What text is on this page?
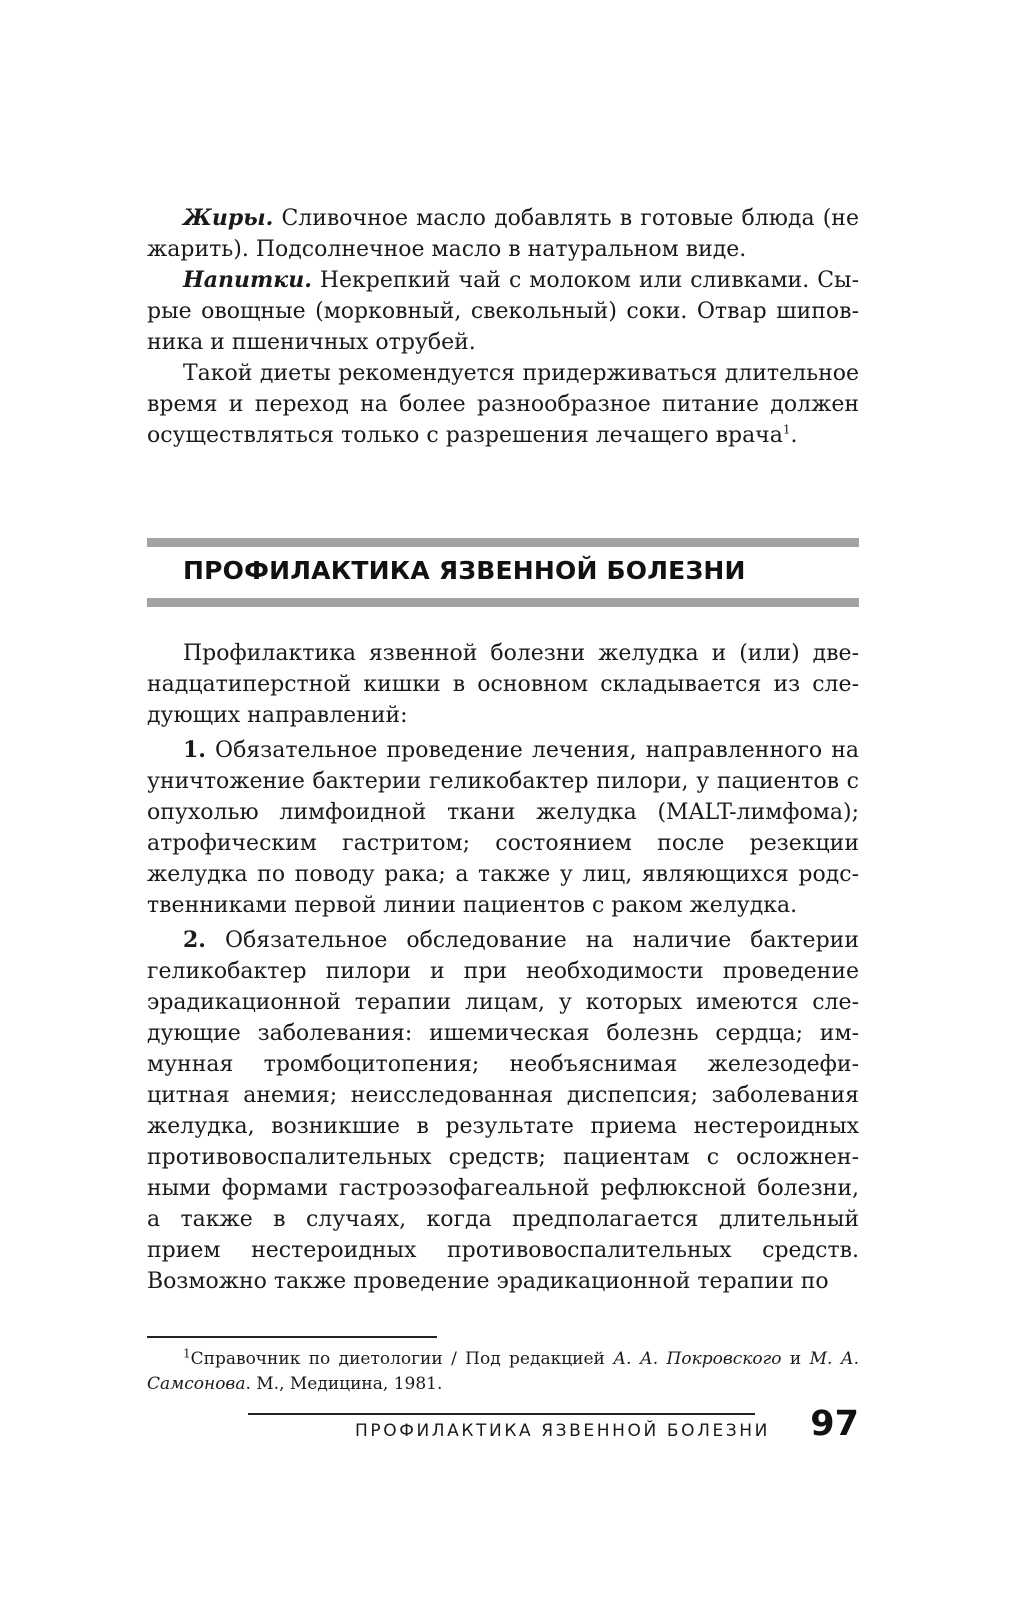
Жиры. Сливочное масло добавлять в готовые блюда (не жарить). Подсолнечное масло в натуральном виде.

Напитки. Некрепкий чай с молоком или сливками. Сырые овощные (морковный, свекольный) соки. Отвар шиповника и пшеничных отрубей.

Такой диеты рекомендуется придерживаться длительное время и переход на более разнообразное питание должен осуществляться только с разрешения лечащего врача$^1$.

ПРОФИЛАКТИКА ЯЗВЕННОЙ БОЛЕЗНИ

Профилактика язвенной болезни желудка и (или) двенадцатиперстной кишки в основном складывается из следующих направлений:

1. Обязательное проведение лечения, направленного на уничтожение бактерии геликобактер пилори, у пациентов с опухолью лимфоидной ткани желудка (MALT-лимфома); атрофическим гастритом; состоянием после резекции желудка по поводу рака; а также у лиц, являющихся родственниками первой линии пациентов с раком желудка.

2. Обязательное обследование на наличие бактерии геликобактер пилори и при необходимости проведение эрадикационной терапии лицам, у которых имеются следующие заболевания: ишемическая болезнь сердца; иммунная тромбоцитопения; необъяснимая железодефицитная анемия; неисследованная диспепсия; заболевания желудка, возникшие в результате приема нестероидных противовоспалительных средств; пациентам с осложненными формами гастроэзофагеальной рефлюксной болезни, а также в случаях, когда предполагается длительный прием нестероидных противовоспалительных средств. Возможно также проведение эрадикационной терапии по

$^1$Справочник по диетологии / Под редакцией А. А. Покровского и М. А. Самсонова. М., Медицина, 1981.

ПРОФИЛАКТИКА ЯЗВЕННОЙ БОЛЕЗНИ 97
